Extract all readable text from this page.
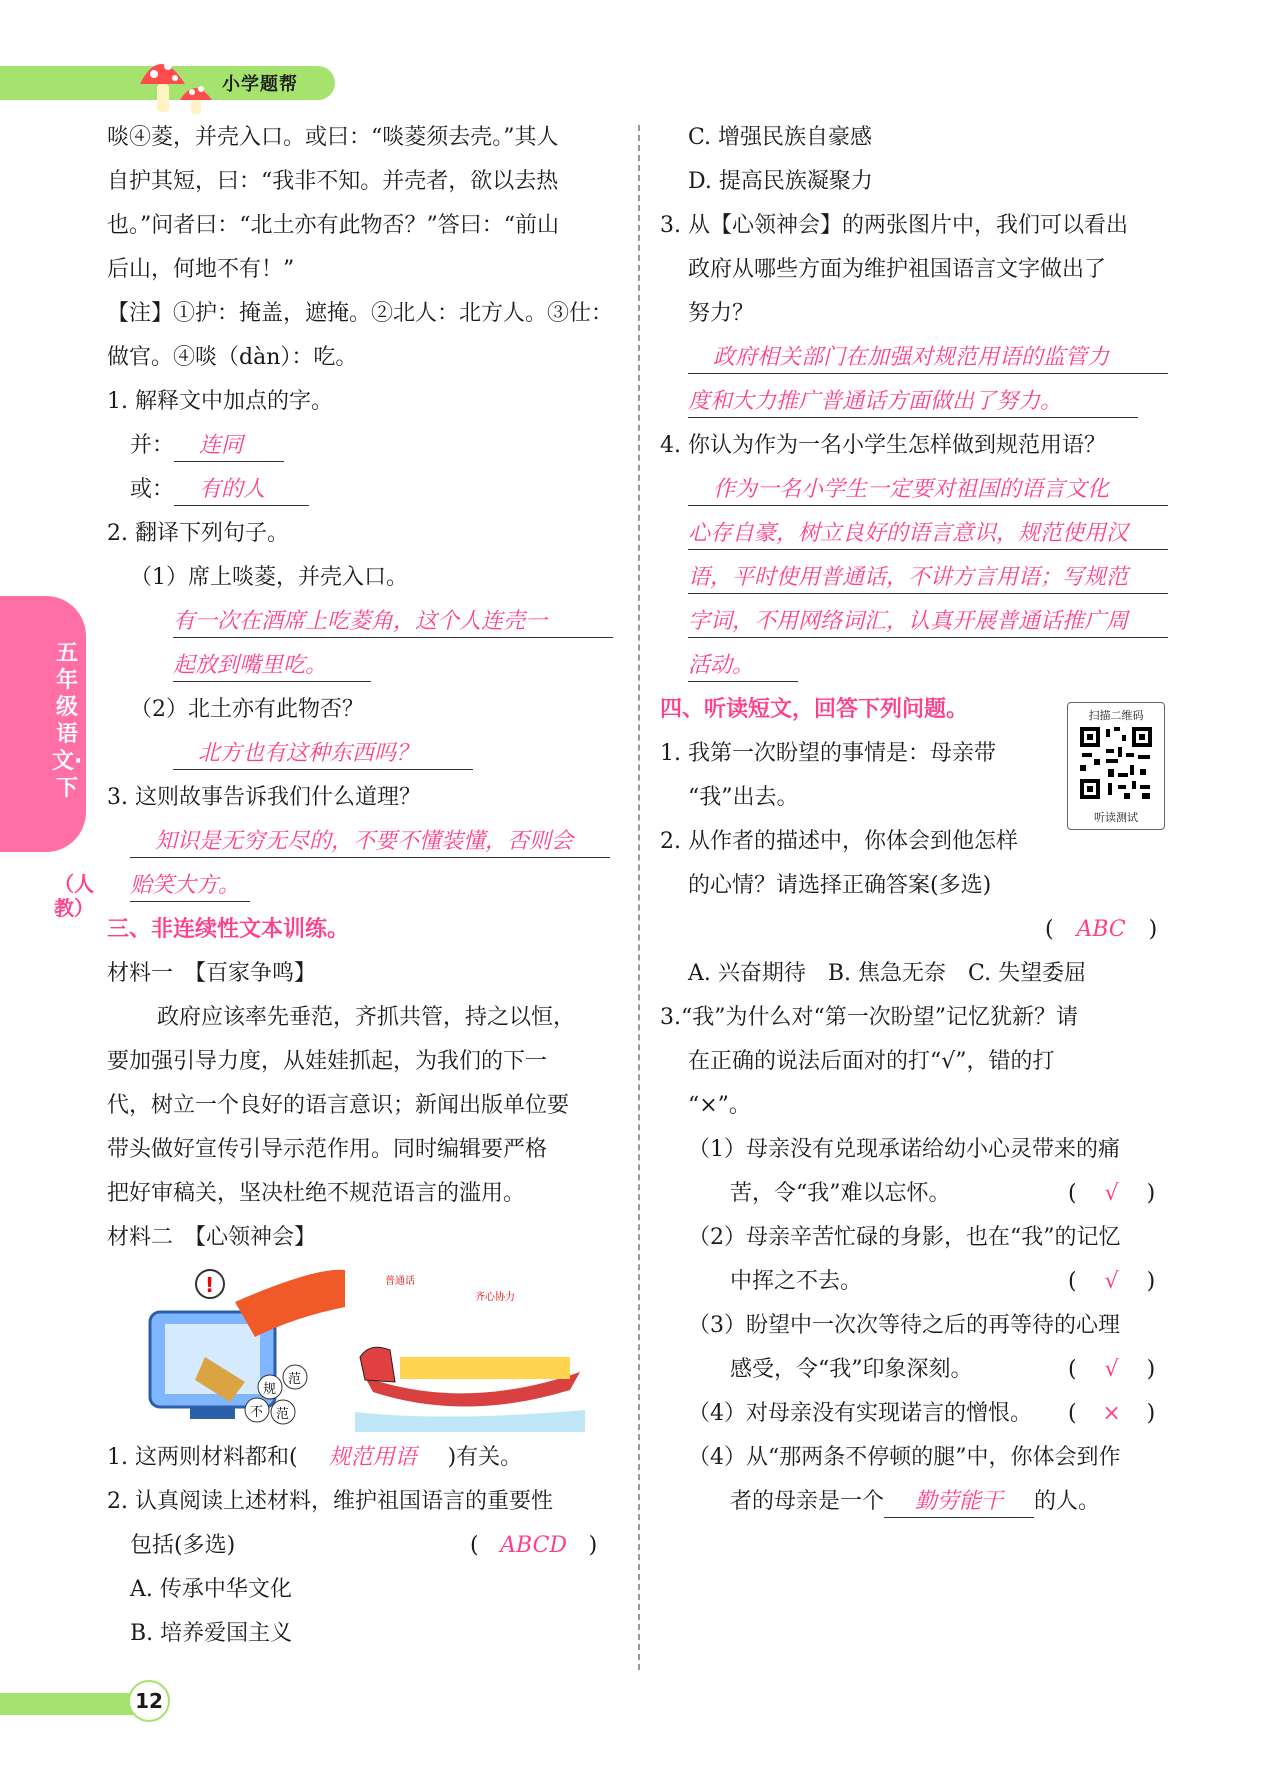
小学题帮
五年级语文·下
（人教）
啖④菱，并壳入口。或曰：“啖菱须去壳。”其人
自护其短，曰：“我非不知。并壳者，欲以去热
也。”问者曰：“北土亦有此物否？”答曰：“前山
后山，何地不有！”
【注】①护：掩盖，遮掩。②北人：北方人。③仕：
做官。④啖（dàn）：吃。
1. 解释文中加点的字。
并： 连同
或： 有的人
2. 翻译下列句子。
（1）席上啖菱，并壳入口。
有一次在酒席上吃菱角，这个人连壳一
起放到嘴里吃。
（2）北土亦有此物否？
北方也有这种东西吗？
3. 这则故事告诉我们什么道理？
知识是无穷无尽的，不要不懂装懂，否则会
贻笑大方。
三、非连续性文本训练。
材料一　【百家争鸣】
政府应该率先垂范，齐抓共管，持之以恒，
要加强引导力度，从娃娃抓起，为我们的下一
代，树立一个良好的语言意识；新闻出版单位要
带头做好宣传引导示范作用。同时编辑要严格
把好审稿关，坚决杜绝不规范语言的滥用。
材料二　【心领神会】
!
规
范
不 范
普通话
齐心协力
1. 这两则材料都和( 规范用语 )有关。
2. 认真阅读上述材料，维护祖国语言的重要性
包括(多选)	( ABCD )
A. 传承中华文化
B. 培养爱国主义
C. 增强民族自豪感
D. 提高民族凝聚力
3. 从【心领神会】的两张图片中，我们可以看出
政府从哪些方面为维护祖国语言文字做出了
努力？
政府相关部门在加强对规范用语的监管力
度和大力推广普通话方面做出了努力。
4. 你认为作为一名小学生怎样做到规范用语？
作为一名小学生一定要对祖国的语言文化
心存自豪，树立良好的语言意识，规范使用汉
语，平时使用普通话，不讲方言用语；写规范
字词，不用网络词汇，认真开展普通话推广周
活动。
四、听读短文，回答下列问题。	扫描二维码
听读测试
1. 我第一次盼望的事情是：母亲带
“我”出去。
2. 从作者的描述中，你体会到他怎样
的心情？请选择正确答案(多选)
( ABC )
A. 兴奋期待　B. 焦急无奈　C. 失望委屈
3.“我”为什么对“第一次盼望”记忆犹新？请
在正确的说法后面对的打“√”，错的打
“×”。
（1）母亲没有兑现承诺给幼小心灵带来的痛
苦，令“我”难以忘怀。	( √ )
（2）母亲辛苦忙碌的身影，也在“我”的记忆
中挥之不去。	( √ )
（3）盼望中一次次等待之后的再等待的心理
感受，令“我”印象深刻。	( √ )
（4）对母亲没有实现诺言的憎恨。 ( × )
（4）从“那两条不停顿的腿”中，你体会到作
者的母亲是一个 勤劳能干 的人。
12
